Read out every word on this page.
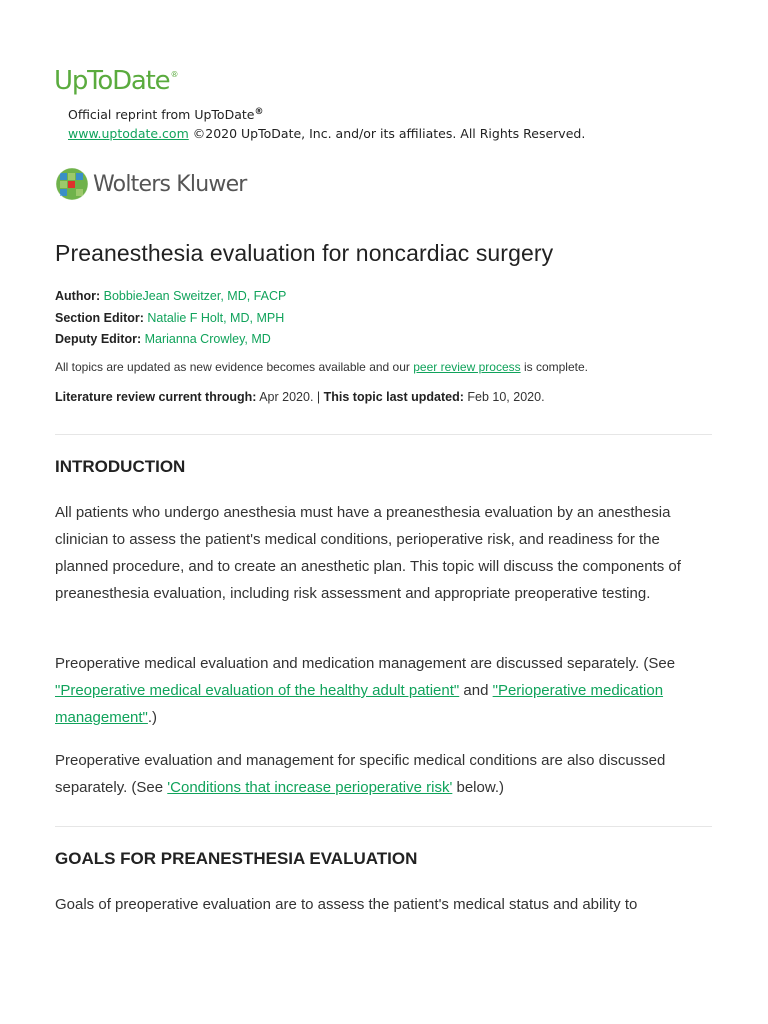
UpToDate®
Official reprint from UpToDate®
www.uptodate.com ©2020 UpToDate, Inc. and/or its affiliates. All Rights Reserved.
Wolters Kluwer
Preanesthesia evaluation for noncardiac surgery
Author: BobbieJean Sweitzer, MD, FACP
Section Editor: Natalie F Holt, MD, MPH
Deputy Editor: Marianna Crowley, MD
All topics are updated as new evidence becomes available and our peer review process is complete.
Literature review current through: Apr 2020. | This topic last updated: Feb 10, 2020.
INTRODUCTION

All patients who undergo anesthesia must have a preanesthesia evaluation by an anesthesia clinician to assess the patient's medical conditions, perioperative risk, and readiness for the planned procedure, and to create an anesthetic plan. This topic will discuss the components of preanesthesia evaluation, including risk assessment and appropriate preoperative testing.

Preoperative medical evaluation and medication management are discussed separately. (See "Preoperative medical evaluation of the healthy adult patient" and "Perioperative medication management".)

Preoperative evaluation and management for specific medical conditions are also discussed separately. (See 'Conditions that increase perioperative risk' below.)

GOALS FOR PREANESTHESIA EVALUATION

Goals of preoperative evaluation are to assess the patient's medical status and ability to
